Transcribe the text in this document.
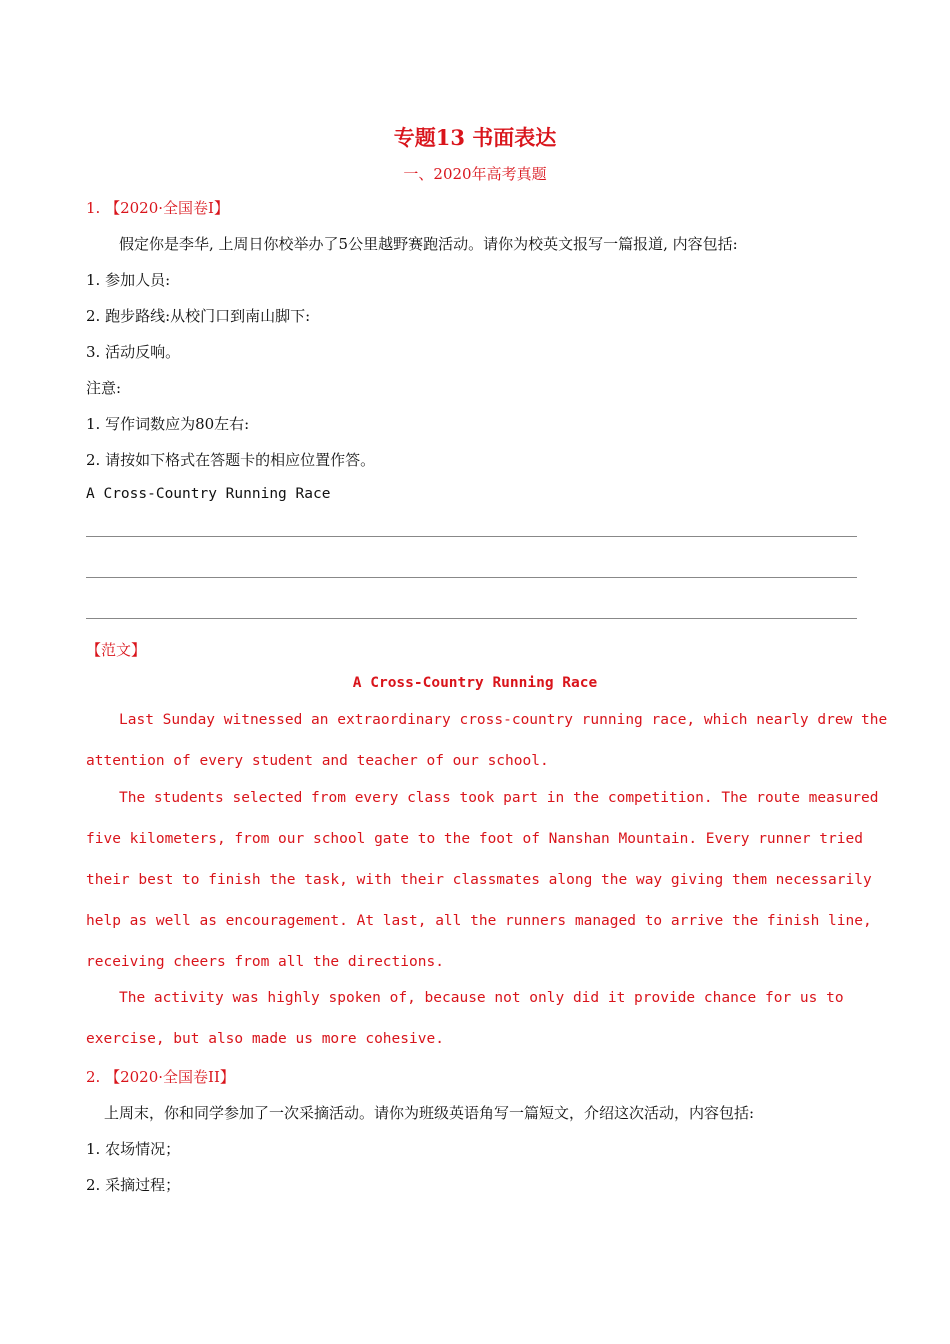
专题13 书面表达
一、2020年高考真题
1. 【2020·全国卷I】
假定你是李华, 上周日你校举办了5公里越野赛跑活动。请你为校英文报写一篇报道, 内容包括:
1. 参加人员:
2. 跑步路线:从校门口到南山脚下:
3. 活动反响。
注意:
1. 写作词数应为80左右:
2. 请按如下格式在答题卡的相应位置作答。
A Cross-Country Running Race
【范文】
A Cross-Country Running Race
Last Sunday witnessed an extraordinary cross-country running race, which nearly drew the
attention of every student and teacher of our school.
The students selected from every class took part in the competition. The route measured
five kilometers, from our school gate to the foot of Nanshan Mountain. Every runner tried
their best to finish the task, with their classmates along the way giving them necessarily
help as well as encouragement. At last, all the runners managed to arrive the finish line,
receiving cheers from all the directions.
The activity was highly spoken of, because not only did it provide chance for us to
exercise, but also made us more cohesive.
2. 【2020·全国卷II】
上周末，你和同学参加了一次采摘活动。请你为班级英语角写一篇短文，介绍这次活动，内容包括:
1. 农场情况；
2. 采摘过程；
